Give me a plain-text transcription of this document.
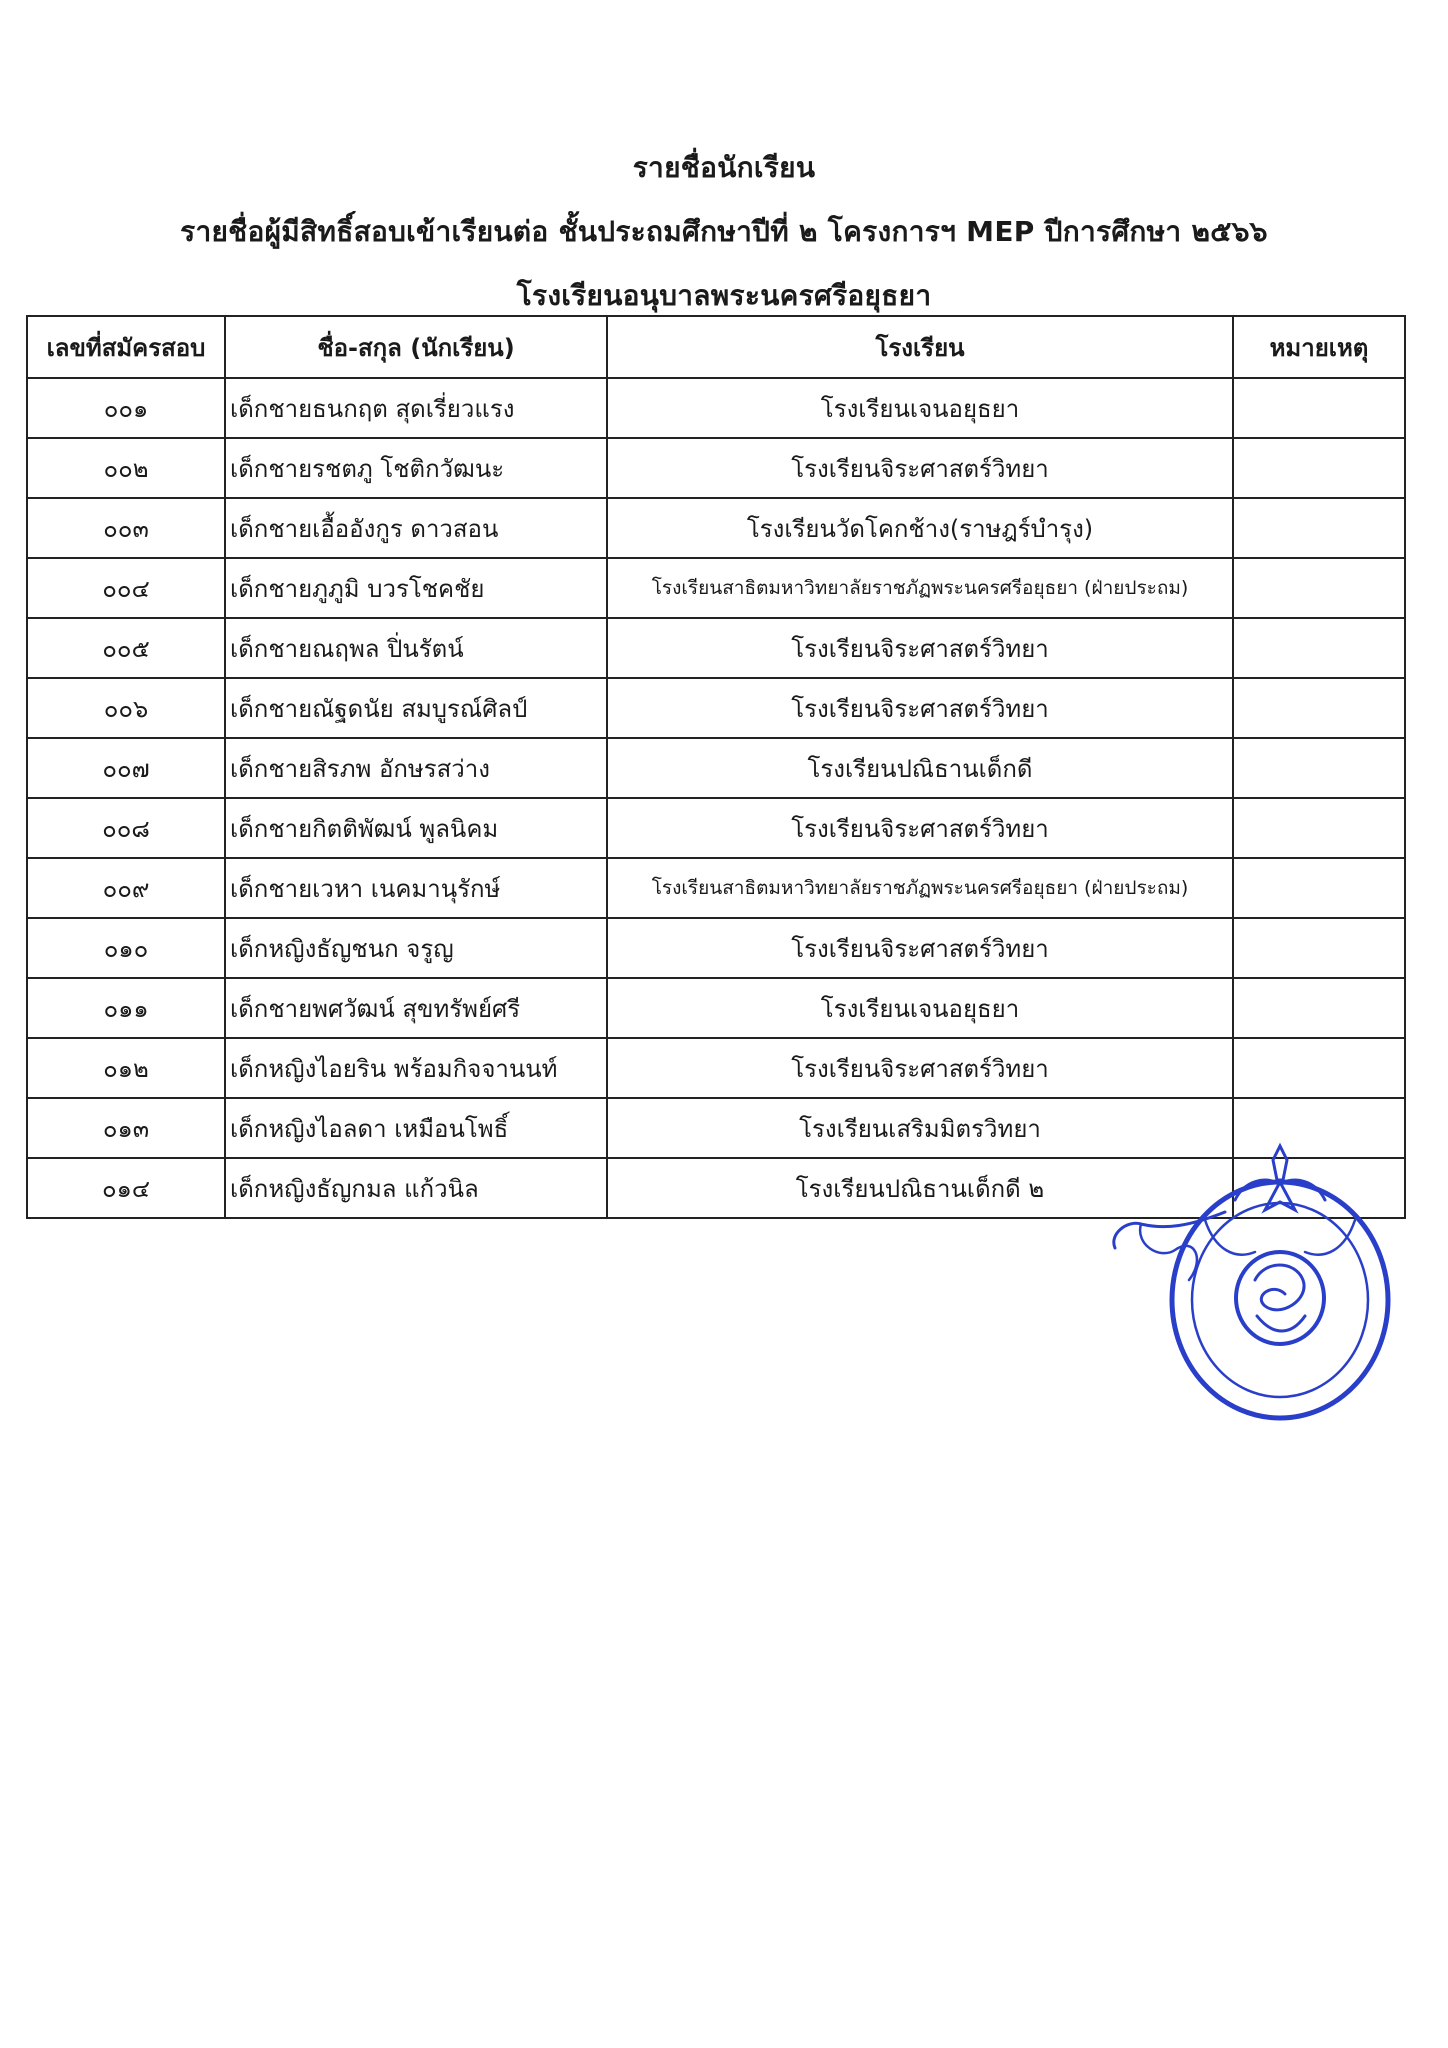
รายชื่อนักเรียน
รายชื่อผู้มีสิทธิ์สอบเข้าเรียนต่อ ชั้นประถมศึกษาปีที่ ๒ โครงการฯ MEP ปีการศึกษา ๒๕๖๖
โรงเรียนอนุบาลพระนครศรีอยุธยา
เลขที่สมัครสอบ	ชื่อ-สกุล (นักเรียน)	โรงเรียน	หมายเหตุ
๐๐๑	เด็กชายธนกฤต สุดเรี่ยวแรง	โรงเรียนเจนอยุธยา	
๐๐๒	เด็กชายรชตภู โชติกวัฒนะ	โรงเรียนจิระศาสตร์วิทยา	
๐๐๓	เด็กชายเอื้ออังกูร ดาวสอน	โรงเรียนวัดโคกช้าง(ราษฎร์บำรุง)	
๐๐๔	เด็กชายภูภูมิ บวรโชคชัย	โรงเรียนสาธิตมหาวิทยาลัยราชภัฏพระนครศรีอยุธยา (ฝ่ายประถม)	
๐๐๕	เด็กชายณฤพล ปิ่นรัตน์	โรงเรียนจิระศาสตร์วิทยา	
๐๐๖	เด็กชายณัฐดนัย สมบูรณ์ศิลป์	โรงเรียนจิระศาสตร์วิทยา	
๐๐๗	เด็กชายสิรภพ อักษรสว่าง	โรงเรียนปณิธานเด็กดี	
๐๐๘	เด็กชายกิตติพัฒน์ พูลนิคม	โรงเรียนจิระศาสตร์วิทยา	
๐๐๙	เด็กชายเวหา เนคมานุรักษ์	โรงเรียนสาธิตมหาวิทยาลัยราชภัฏพระนครศรีอยุธยา (ฝ่ายประถม)	
๐๑๐	เด็กหญิงธัญชนก จรูญ	โรงเรียนจิระศาสตร์วิทยา	
๐๑๑	เด็กชายพศวัฒน์ สุขทรัพย์ศรี	โรงเรียนเจนอยุธยา	
๐๑๒	เด็กหญิงไอยริน พร้อมกิจจานนท์	โรงเรียนจิระศาสตร์วิทยา	
๐๑๓	เด็กหญิงไอลดา เหมือนโพธิ์	โรงเรียนเสริมมิตรวิทยา	
๐๑๔	เด็กหญิงธัญกมล แก้วนิล	โรงเรียนปณิธานเด็กดี ๒	
